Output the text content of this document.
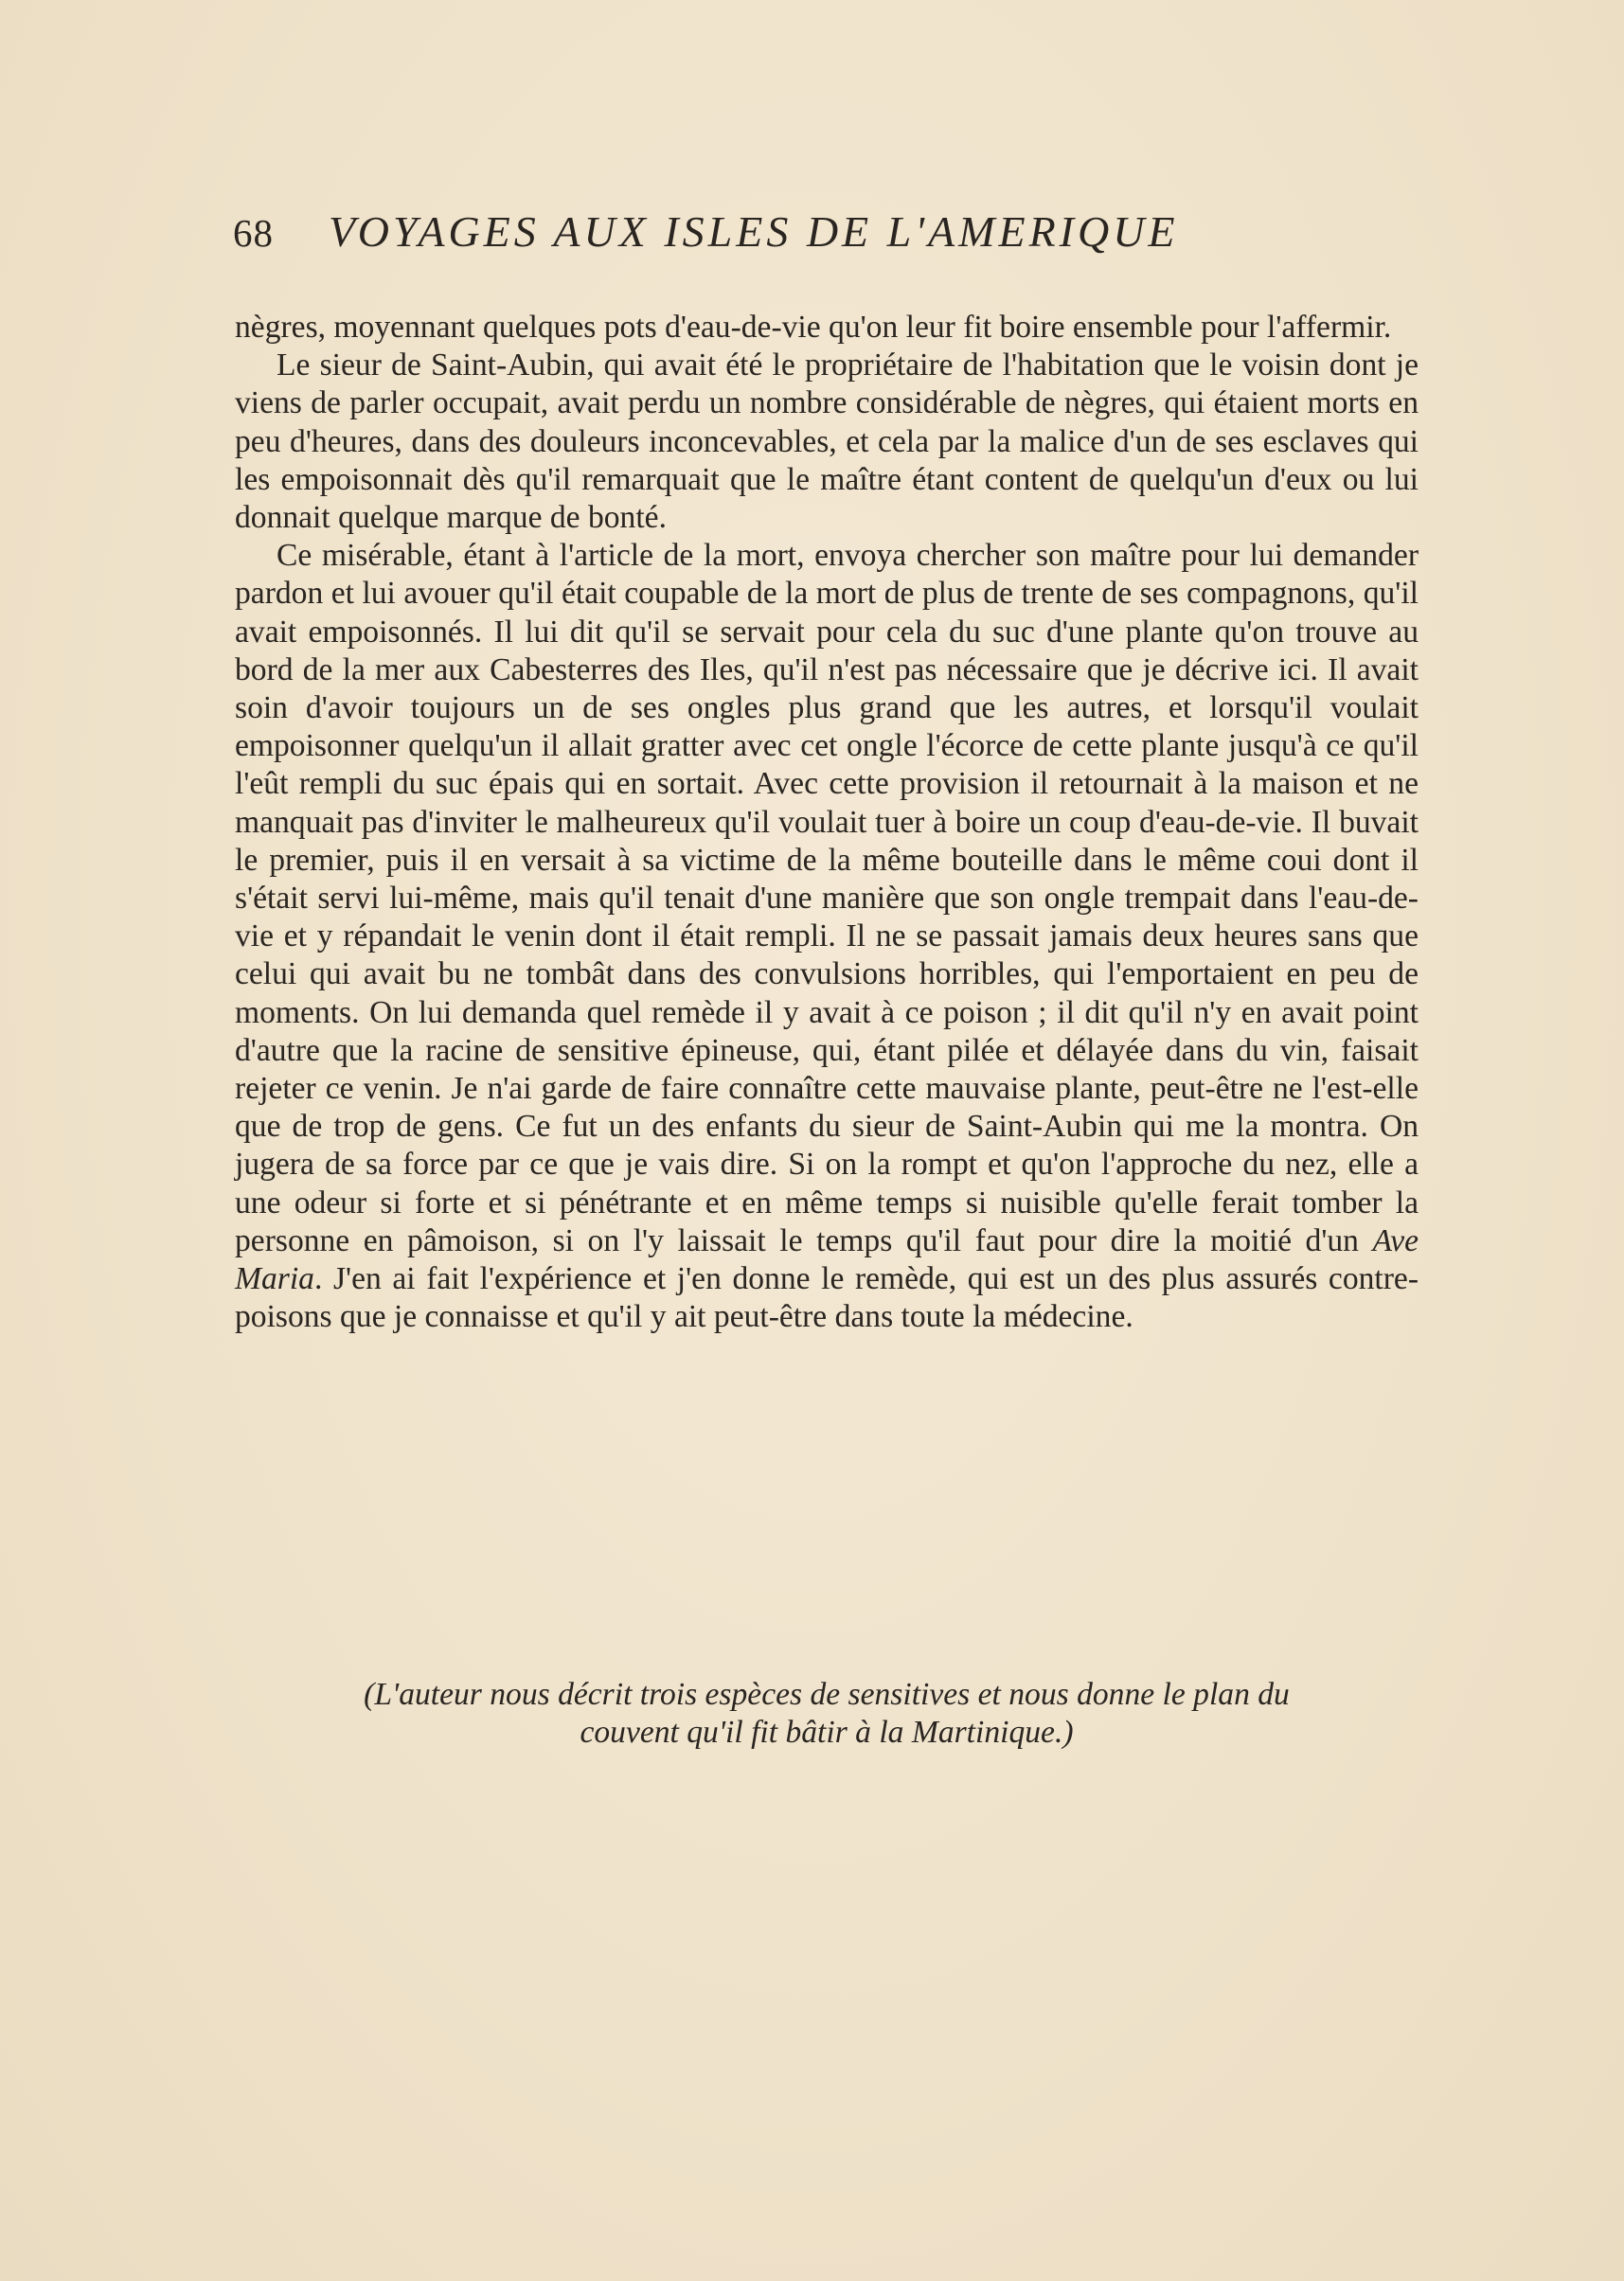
68 VOYAGES AUX ISLES DE L'AMERIQUE

nègres, moyennant quelques pots d'eau-de-vie qu'on leur fit boire ensemble pour l'affermir.

Le sieur de Saint-Aubin, qui avait été le propriétaire de l'habitation que le voisin dont je viens de parler occupait, avait perdu un nombre considérable de nègres, qui étaient morts en peu d'heures, dans des douleurs inconcevables, et cela par la malice d'un de ses esclaves qui les empoisonnait dès qu'il remarquait que le maître étant content de quelqu'un d'eux ou lui donnait quelque marque de bonté.

Ce misérable, étant à l'article de la mort, envoya chercher son maître pour lui demander pardon et lui avouer qu'il était coupable de la mort de plus de trente de ses compagnons, qu'il avait empoisonnés. Il lui dit qu'il se servait pour cela du suc d'une plante qu'on trouve au bord de la mer aux Cabesterres des Iles, qu'il n'est pas nécessaire que je décrive ici. Il avait soin d'avoir toujours un de ses ongles plus grand que les autres, et lorsqu'il voulait empoisonner quelqu'un il allait gratter avec cet ongle l'écorce de cette plante jusqu'à ce qu'il l'eût rempli du suc épais qui en sortait. Avec cette provision il retournait à la maison et ne manquait pas d'inviter le malheureux qu'il voulait tuer à boire un coup d'eau-de-vie. Il buvait le premier, puis il en versait à sa victime de la même bouteille dans le même coui dont il s'était servi lui-même, mais qu'il tenait d'une manière que son ongle trempait dans l'eau-de-vie et y répandait le venin dont il était rempli. Il ne se passait jamais deux heures sans que celui qui avait bu ne tombât dans des convulsions horribles, qui l'emportaient en peu de moments. On lui demanda quel remède il y avait à ce poison ; il dit qu'il n'y en avait point d'autre que la racine de sensitive épineuse, qui, étant pilée et délayée dans du vin, faisait rejeter ce venin. Je n'ai garde de faire connaître cette mauvaise plante, peut-être ne l'est-elle que de trop de gens. Ce fut un des enfants du sieur de Saint-Aubin qui me la montra. On jugera de sa force par ce que je vais dire. Si on la rompt et qu'on l'approche du nez, elle a une odeur si forte et si pénétrante et en même temps si nuisible qu'elle ferait tomber la personne en pâmoison, si on l'y laissait le temps qu'il faut pour dire la moitié d'un Ave Maria. J'en ai fait l'expérience et j'en donne le remède, qui est un des plus assurés contre-poisons que je connaisse et qu'il y ait peut-être dans toute la médecine.

(L'auteur nous décrit trois espèces de sensitives et nous donne le plan du
couvent qu'il fit bâtir à la Martinique.)
